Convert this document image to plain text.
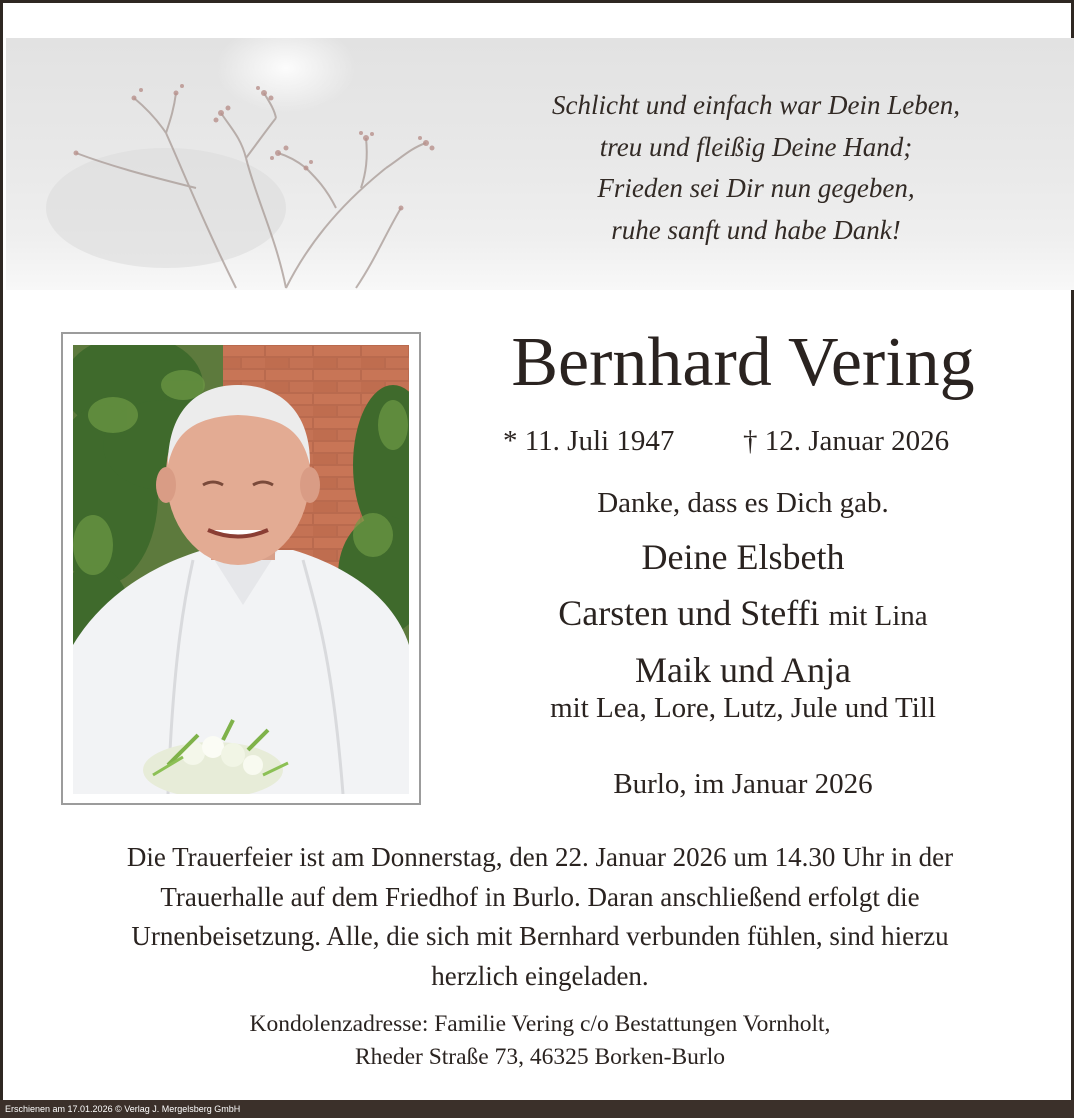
Schlicht und einfach war Dein Leben,
treu und fleißig Deine Hand;
Frieden sei Dir nun gegeben,
ruhe sanft und habe Dank!
Bernhard Vering
* 11. Juli 1947 † 12. Januar 2026
Danke, dass es Dich gab.
Deine Elsbeth
Carsten und Steffi mit Lina
Maik und Anja
mit Lea, Lore, Lutz, Jule und Till
Burlo, im Januar 2026
Die Trauerfeier ist am Donnerstag, den 22. Januar 2026 um 14.30 Uhr in der
Trauerhalle auf dem Friedhof in Burlo. Daran anschließend erfolgt die
Urnenbeisetzung. Alle, die sich mit Bernhard verbunden fühlen, sind hierzu
herzlich eingeladen.
Kondolenzadresse: Familie Vering c/o Bestattungen Vornholt,
Rheder Straße 73, 46325 Borken-Burlo
Erschienen am 17.01.2026 © Verlag J. Mergelsberg GmbH
